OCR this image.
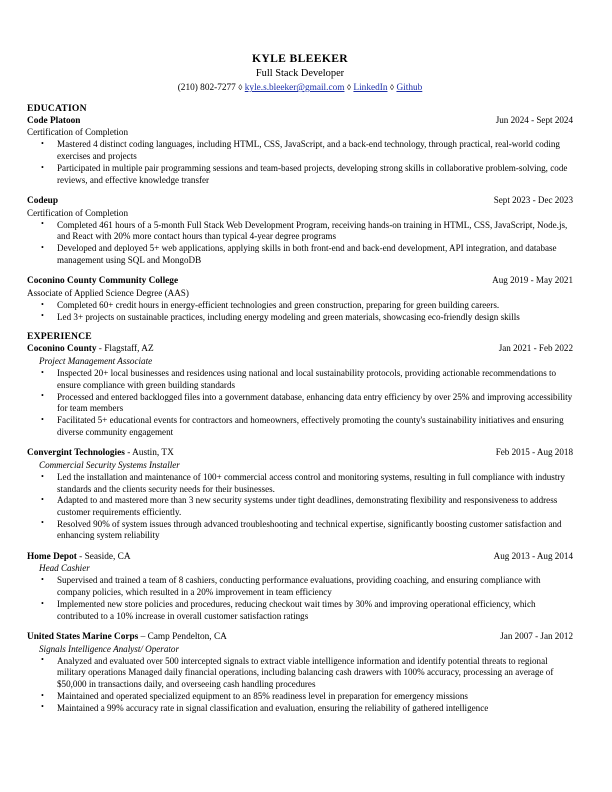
KYLE BLEEKER
Full Stack Developer
(210) 802-7277 ◊ kyle.s.bleeker@gmail.com ◊ LinkedIn ◊ Github
EDUCATION
Code Platoon	Jun 2024 - Sept 2024
Certification of Completion
• Mastered 4 distinct coding languages, including HTML, CSS, JavaScript, and a back-end technology, through practical, real-world coding exercises and projects
• Participated in multiple pair programming sessions and team-based projects, developing strong skills in collaborative problem-solving, code reviews, and effective knowledge transfer
Codeup	Sept 2023 - Dec 2023
Certification of Completion
• Completed 461 hours of a 5-month Full Stack Web Development Program, receiving hands-on training in HTML, CSS, JavaScript, Node.js, and React with 20% more contact hours than typical 4-year degree programs
• Developed and deployed 5+ web applications, applying skills in both front-end and back-end development, API integration, and database management using SQL and MongoDB
Coconino County Community College	Aug 2019 - May 2021
Associate of Applied Science Degree (AAS)
• Completed 60+ credit hours in energy-efficient technologies and green construction, preparing for green building careers.
• Led 3+ projects on sustainable practices, including energy modeling and green materials, showcasing eco-friendly design skills
EXPERIENCE
Coconino County - Flagstaff, AZ	Jan 2021 - Feb 2022
Project Management Associate
• Inspected 20+ local businesses and residences using national and local sustainability protocols, providing actionable recommendations to ensure compliance with green building standards
• Processed and entered backlogged files into a government database, enhancing data entry efficiency by over 25% and improving accessibility for team members
• Facilitated 5+ educational events for contractors and homeowners, effectively promoting the county's sustainability initiatives and ensuring diverse community engagement
Convergint Technologies - Austin, TX	Feb 2015 - Aug 2018
Commercial Security Systems Installer
• Led the installation and maintenance of 100+ commercial access control and monitoring systems, resulting in full compliance with industry standards and the clients security needs for their businesses.
• Adapted to and mastered more than 3 new security systems under tight deadlines, demonstrating flexibility and responsiveness to address customer requirements efficiently.
• Resolved 90% of system issues through advanced troubleshooting and technical expertise, significantly boosting customer satisfaction and enhancing system reliability
Home Depot - Seaside, CA	Aug 2013 - Aug 2014
Head Cashier
• Supervised and trained a team of 8 cashiers, conducting performance evaluations, providing coaching, and ensuring compliance with company policies, which resulted in a 20% improvement in team efficiency
• Implemented new store policies and procedures, reducing checkout wait times by 30% and improving operational efficiency, which contributed to a 10% increase in overall customer satisfaction ratings
United States Marine Corps – Camp Pendelton, CA	Jan 2007 - Jan 2012
Signals Intelligence Analyst/ Operator
• Analyzed and evaluated over 500 intercepted signals to extract viable intelligence information and identify potential threats to regional military operations Managed daily financial operations, including balancing cash drawers with 100% accuracy, processing an average of $50,000 in transactions daily, and overseeing cash handling procedures
• Maintained and operated specialized equipment to an 85% readiness level in preparation for emergency missions
• Maintained a 99% accuracy rate in signal classification and evaluation, ensuring the reliability of gathered intelligence
